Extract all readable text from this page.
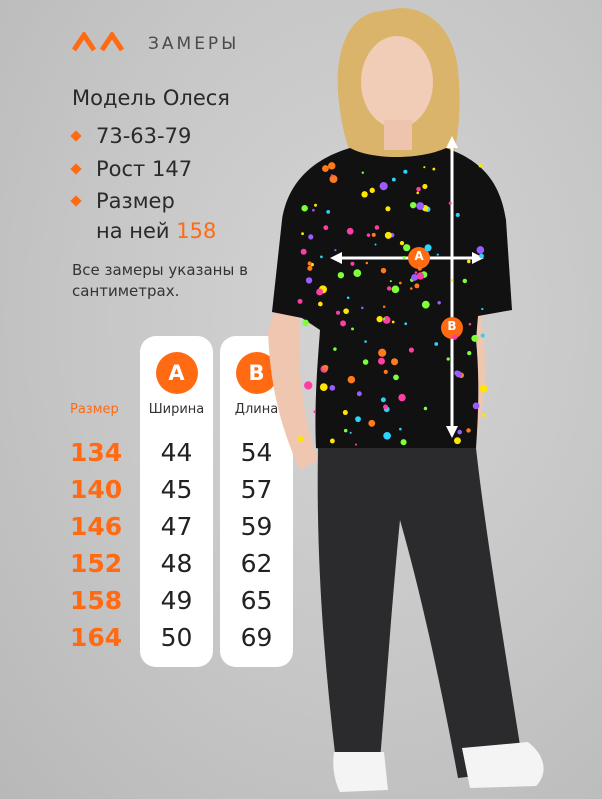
ЗАМЕРЫ
Модель Олеся
73-63-79
Рост 147
Размер
на ней 158
Все замеры указаны в сантиметрах.
Размер
134
140
146
152
158
164
A
Ширина
44
45
47
48
49
50
B
Длина
54
57
59
62
65
69
A
B
